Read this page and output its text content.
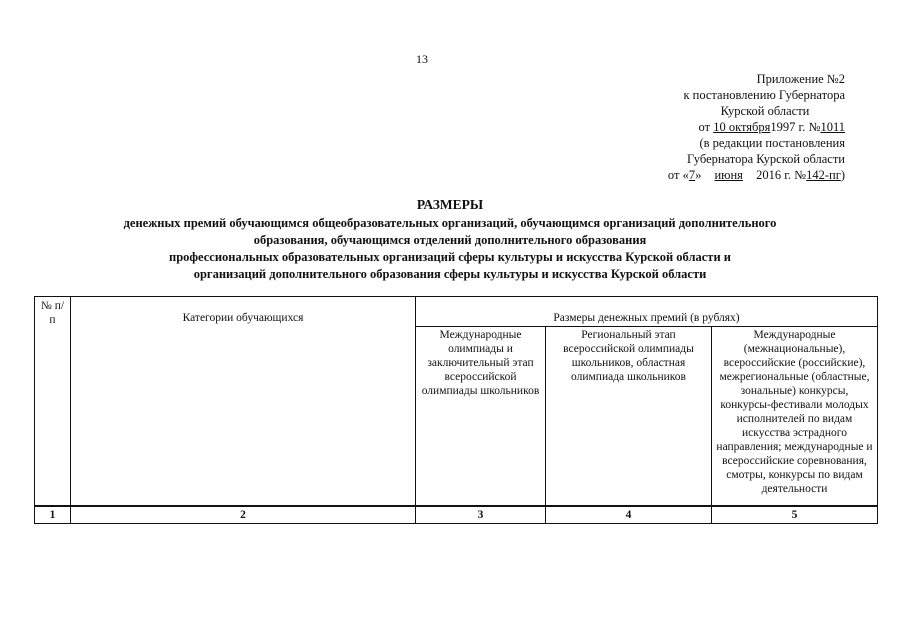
13
Приложение №2
к постановлению Губернатора
Курской области
от 10 октября1997 г. №1011
(в редакции постановления
Губернатора Курской области
от «7» июня 2016 г. №142-пг)
РАЗМЕРЫ
денежных премий обучающимся общеобразовательных организаций, обучающимся организаций дополнительного
образования, обучающимся отделений дополнительного образования
профессиональных образовательных организаций сферы культуры и искусства Курской области и
организаций дополнительного образования сферы культуры и искусства Курской области
№ п/п	Категории обучающихся	Размеры денежных премий (в рублях)		
		Международные олимпиады и заключительный этап всероссийской олимпиады школьников	Региональный этап всероссийской олимпиады школьников, областная олимпиада школьников	Международные (межнациональные), всероссийские (российские), межрегиональные (областные, зональные) конкурсы, конкурсы-фестивали молодых исполнителей по видам искусства эстрадного направления; международные и всероссийские соревнования, смотры, конкурсы по видам деятельности
1	2	3	4	5
